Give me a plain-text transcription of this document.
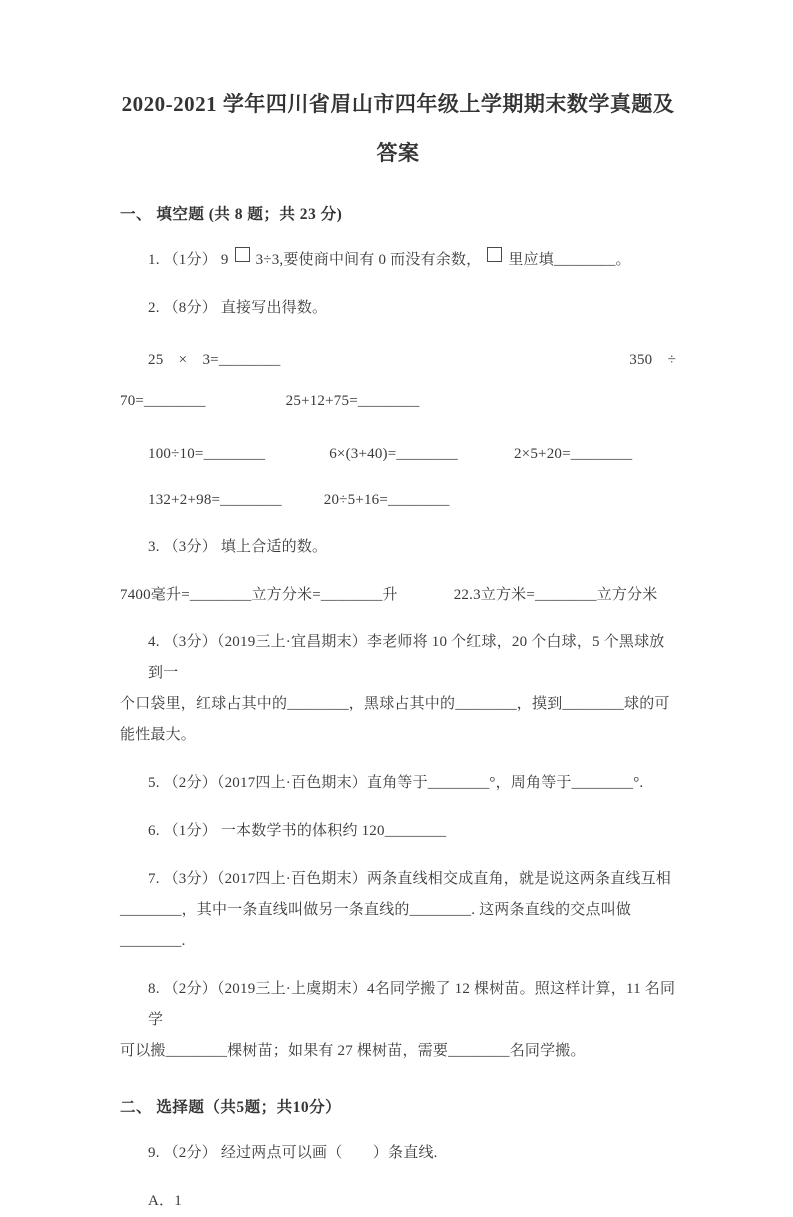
2020-2021 学年四川省眉山市四年级上学期期末数学真题及
答案
一、 填空题 (共 8 题；共 23 分)
1. （1分） 9 3÷3,要使商中间有 0 而没有余数， 里应填________。
2. （8分） 直接写出得数。
25　×　3=________	350　÷
70=________	25+12+75=________
100÷10=________	6×(3+40)=________	2×5+20=________
132+2+98=________	20÷5+16=________
3. （3分） 填上合适的数。
7400毫升=________立方分米=________升	22.3立方米=________立方分米
4. （3分）（2019三上·宜昌期末）李老师将 10 个红球，20 个白球，5 个黑球放到一
个口袋里，红球占其中的________，黑球占其中的________，摸到________球的可能性最大。
5. （2分）（2017四上·百色期末）直角等于________°，周角等于________°.
6. （1分） 一本数学书的体积约 120________
7. （3分）（2017四上·百色期末）两条直线相交成直角，就是说这两条直线互相
________，其中一条直线叫做另一条直线的________. 这两条直线的交点叫做________.
8. （2分）（2019三上·上虞期末）4名同学搬了 12 棵树苗。照这样计算，11 名同学
可以搬________棵树苗；如果有 27 棵树苗，需要________名同学搬。
二、 选择题（共5题；共10分）
9. （2分） 经过两点可以画（　　）条直线.
A．1
